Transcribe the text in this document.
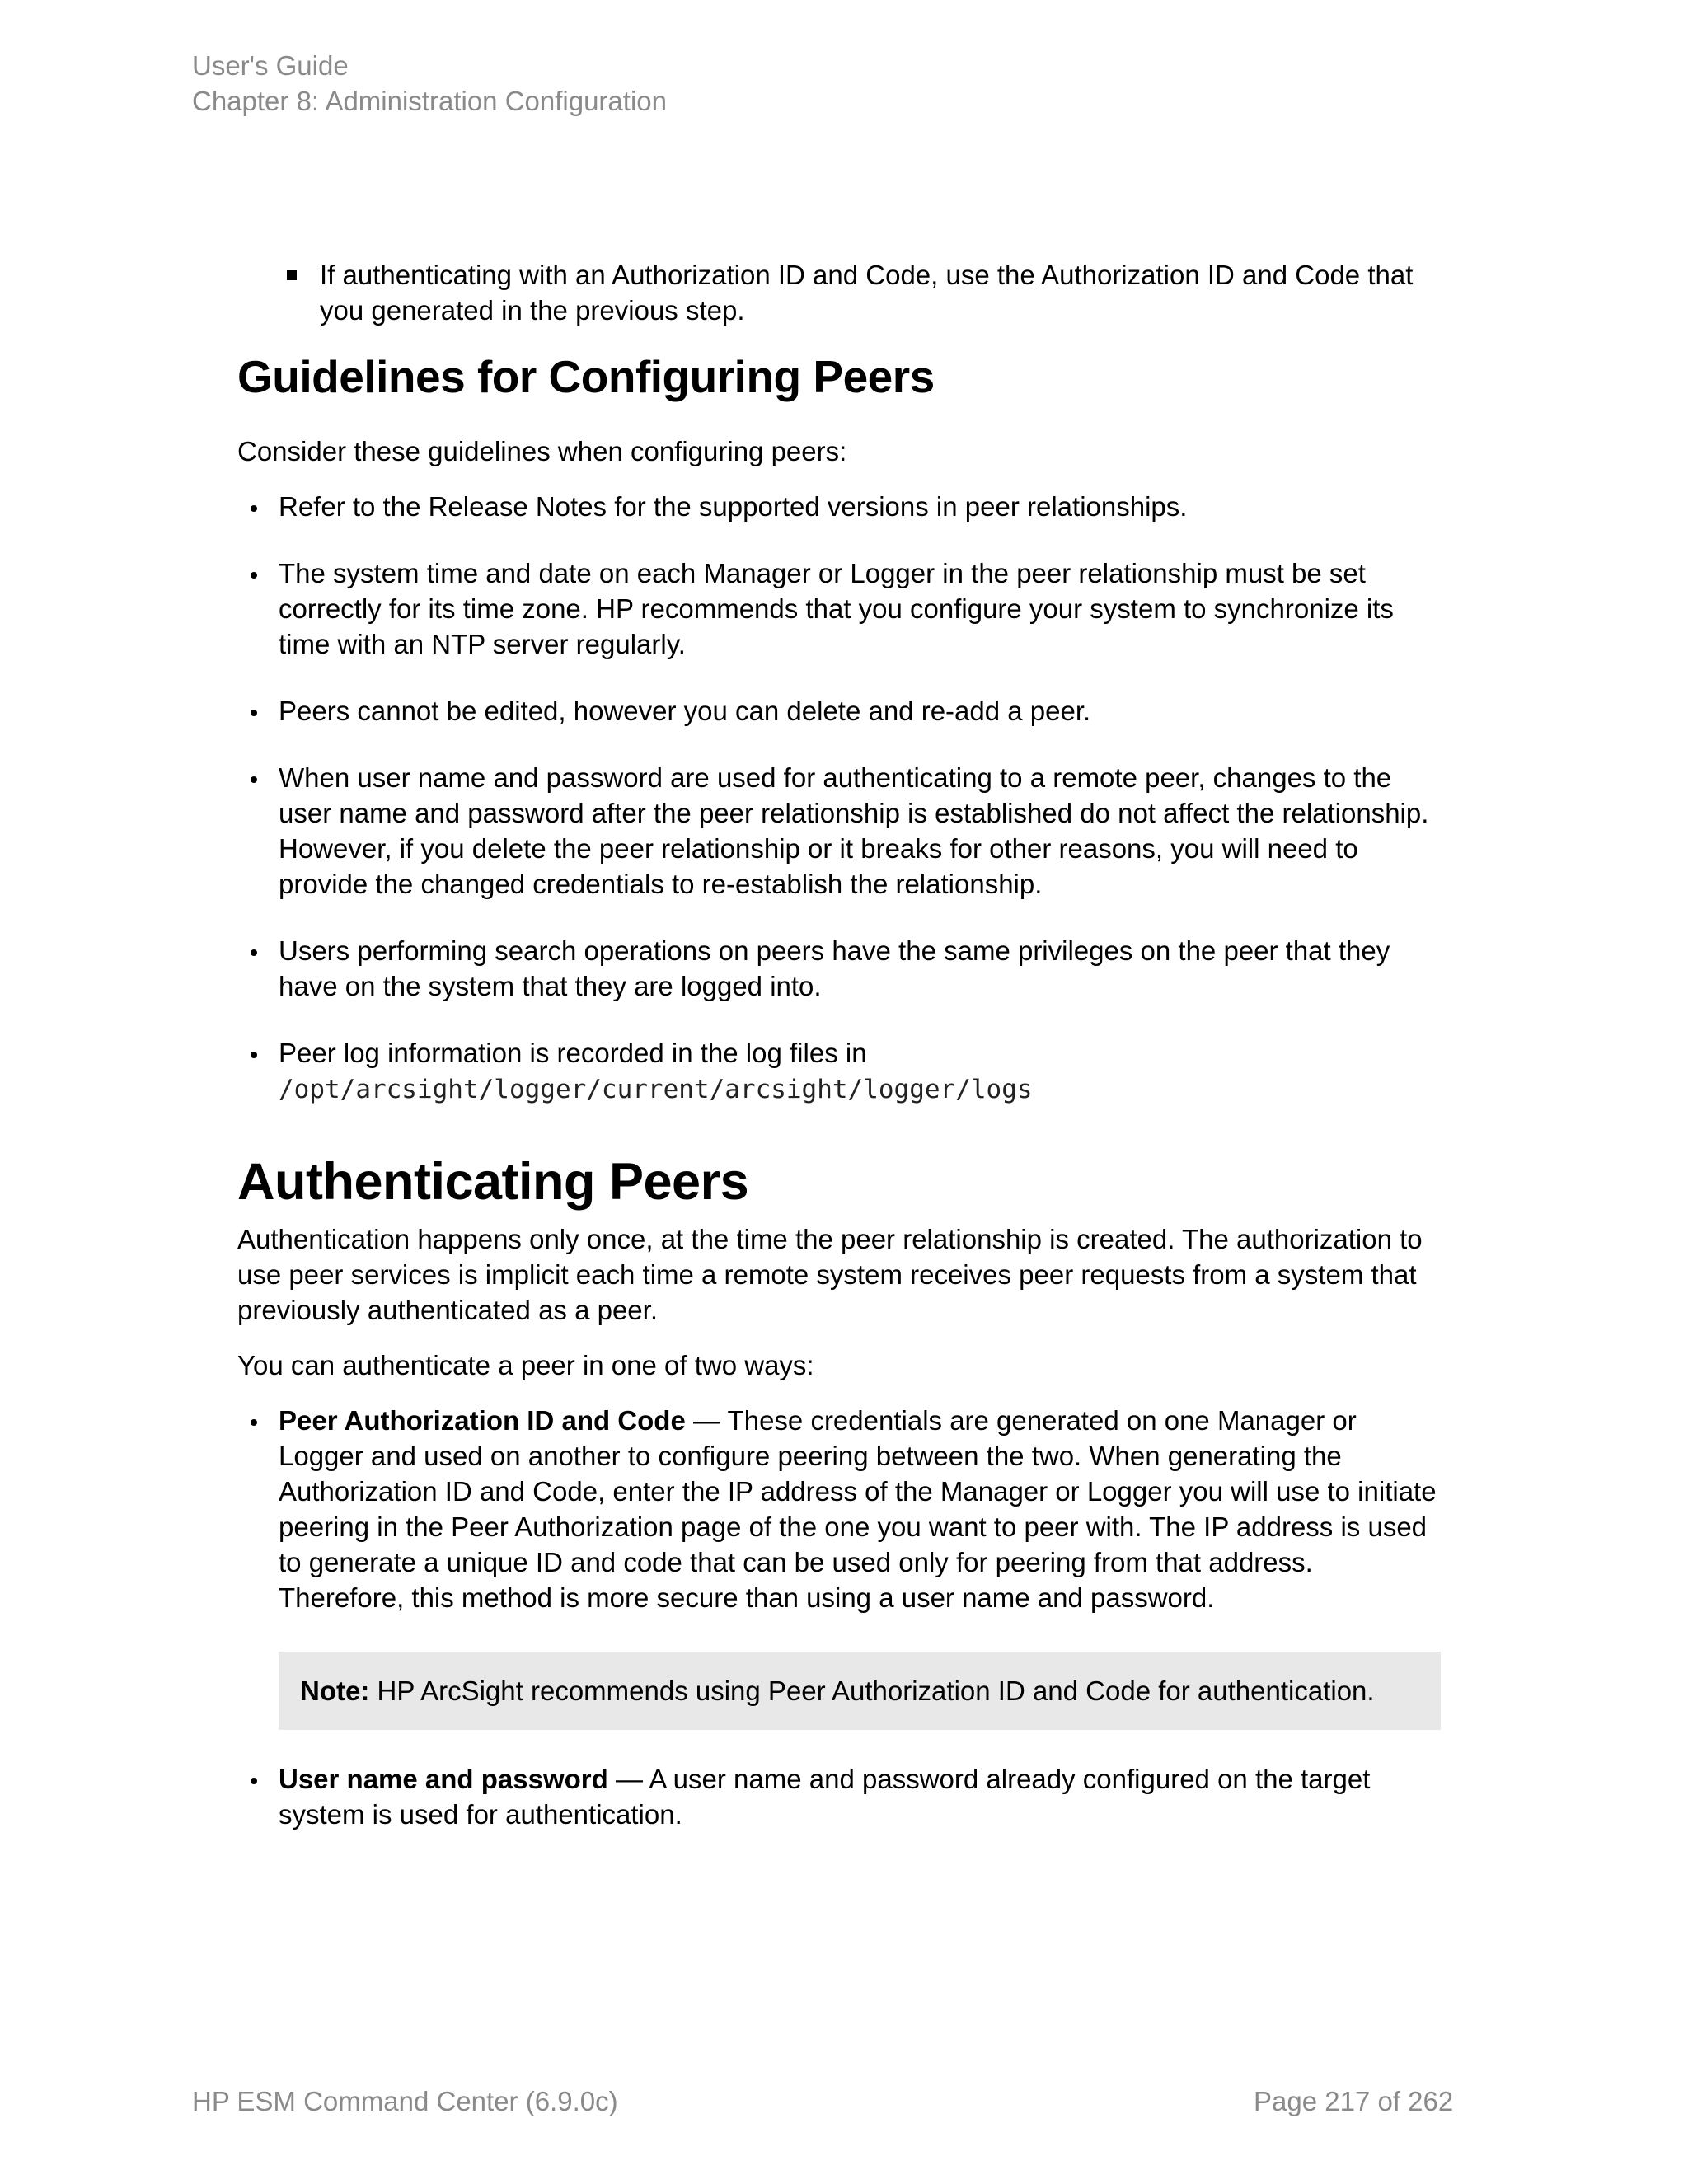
User's Guide
Chapter 8: Administration Configuration
If authenticating with an Authorization ID and Code, use the Authorization ID and Code that you generated in the previous step.
Guidelines for Configuring Peers

Consider these guidelines when configuring peers:

Refer to the Release Notes for the supported versions in peer relationships.
The system time and date on each Manager or Logger in the peer relationship must be set correctly for its time zone. HP recommends that you configure your system to synchronize its time with an NTP server regularly.
Peers cannot be edited, however you can delete and re-add a peer.
When user name and password are used for authenticating to a remote peer, changes to the user name and password after the peer relationship is established do not affect the relationship. However, if you delete the peer relationship or it breaks for other reasons, you will need to provide the changed credentials to re-establish the relationship.
Users performing search operations on peers have the same privileges on the peer that they have on the system that they are logged into.
Peer log information is recorded in the log files in
/opt/arcsight/logger/current/arcsight/logger/logs
Authenticating Peers

Authentication happens only once, at the time the peer relationship is created. The authorization to use peer services is implicit each time a remote system receives peer requests from a system that previously authenticated as a peer.

You can authenticate a peer in one of two ways:

Peer Authorization ID and Code — These credentials are generated on one Manager or Logger and used on another to configure peering between the two. When generating the Authorization ID and Code, enter the IP address of the Manager or Logger you will use to initiate peering in the Peer Authorization page of the one you want to peer with. The IP address is used to generate a unique ID and code that can be used only for peering from that address. Therefore, this method is more secure than using a user name and password.
Note: HP ArcSight recommends using Peer Authorization ID and Code for authentication.
User name and password — A user name and password already configured on the target system is used for authentication.
HP ESM Command Center (6.9.0c)	Page 217 of 262
